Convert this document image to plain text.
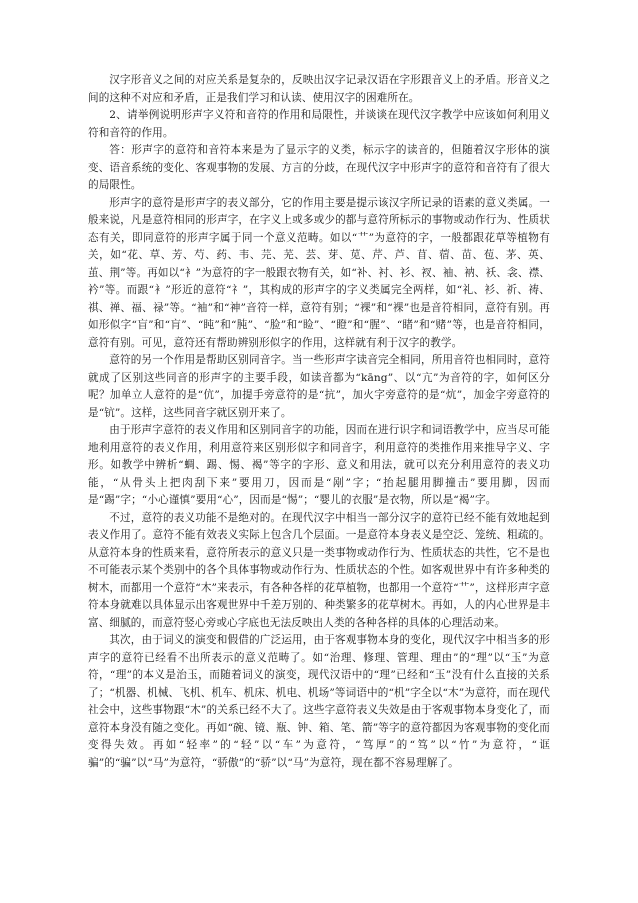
汉字形音义之间的对应关系是复杂的，反映出汉字记录汉语在字形跟音义上的矛盾。形音义之间的这种不对应和矛盾，正是我们学习和认读、使用汉字的困难所在。

2、请举例说明形声字义符和音符的作用和局限性，并谈谈在现代汉字教学中应该如何利用义符和音符的作用。

答：形声字的意符和音符本来是为了显示字的义类，标示字的读音的，但随着汉字形体的演变、语音系统的变化、客观事物的发展、方言的分歧，在现代汉字中形声字的意符和音符有了很大的局限性。

形声字的意符是形声字的表义部分，它的作用主要是提示该汉字所记录的语素的意义类属。一般来说，凡是意符相同的形声字，在字义上或多或少的都与意符所标示的事物或动作行为、性质状态有关，即同意符的形声字属于同一个意义范畴。如以“艹”为意符的字，一般都跟花草等植物有关，如“花、草、芳、芍、药、韦、芫、芜、芸、芽、苋、芹、芦、苜、蓿、苗、苞、茅、英、茧、荆”等。再如以“衤”为意符的字一般跟衣物有关，如“补、衬、衫、衩、袖、衲、袄、衾、襟、衿”等。而跟“衤”形近的意符“礻”，其构成的形声字的字义类属完全两样，如“礼、衫、祈、祷、祺、禅、福、禄”等。“袖”和“神”音符一样，意符有别；“裸”和“裸”也是音符相同，意符有别。再如形似字“盲”和“肓”、“盹”和“肫”、“脸”和“睑”、“瞪”和“腥”、“睹”和“赌”等，也是音符相同，意符有别。可见，意符还有帮助辨别形似字的作用，这样就有利于汉字的教学。

意符的另一个作用是帮助区别同音字。当一些形声字读音完全相同，所用音符也相同时，意符就成了区别这些同音的形声字的主要手段，如读音都为“kāng”、以“亢”为音符的字，如何区分呢？加单立人意符的是“伉”，加提手旁意符的是“抗”，加火字旁意符的是“炕”，加金字旁意符的是“钪”。这样，这些同音字就区别开来了。

由于形声字意符的表义作用和区别同音字的功能，因而在进行识字和词语教学中，应当尽可能地利用意符的表义作用，利用意符来区别形似字和同音字，利用意符的类推作用来推导字义、字形。如教学中辨析“蜩、踢、惕、褐”等字的字形、意义和用法，就可以充分利用意符的表义功能，“从骨头上把肉刮下来”要用刀，因而是“剐”字；“抬起腿用脚撞击”要用脚，因而是“踢”字；“小心谨慎”要用“心”，因而是“惕”；“婴儿的衣服”是衣物，所以是“褐”字。

不过，意符的表义功能不是绝对的。在现代汉字中相当一部分汉字的意符已经不能有效地起到表义作用了。意符不能有效表义实际上包含几个层面。一是意符本身表义是空泛、笼统、粗疏的。从意符本身的性质来看，意符所表示的意义只是一类事物或动作行为、性质状态的共性，它不是也不可能表示某个类别中的各个具体事物或动作行为、性质状态的个性。如客观世界中有许多种类的树木，而都用一个意符“木”来表示，有各种各样的花草植物，也都用一个意符“艹”，这样形声字意符本身就难以具体显示出客观世界中千差万别的、种类繁多的花草树木。再如，人的内心世界是丰富、细腻的，而意符竖心旁或心字底也无法反映出人类的各种各样的具体的心理活动来。

其次，由于词义的演变和假借的广泛运用，由于客观事物本身的变化，现代汉字中相当多的形声字的意符已经看不出所表示的意义范畴了。如“治理、修理、管理、理由”的“理”以“玉”为意符，“理”的本义是治玉，而随着词义的演变，现代汉语中的“理”已经和“玉”没有什么直接的关系了；“机器、机械、飞机、机车、机床、机电、机场”等词语中的“机”字全以“木”为意符，而在现代社会中，这些事物跟“木”的关系已经不大了。这些字意符表义失效是由于客观事物本身变化了，而意符本身没有随之变化。再如“碗、镜、瓶、钟、箱、笔、箭”等字的意符都因为客观事物的变化而变得失效。再如“轻率”的“轻”以“车”为意符，“笃厚”的“笃”以“竹”为意符，“诓骗”的“骗”以“马”为意符，“骄傲”的“骄”以“马”为意符，现在都不容易理解了。
